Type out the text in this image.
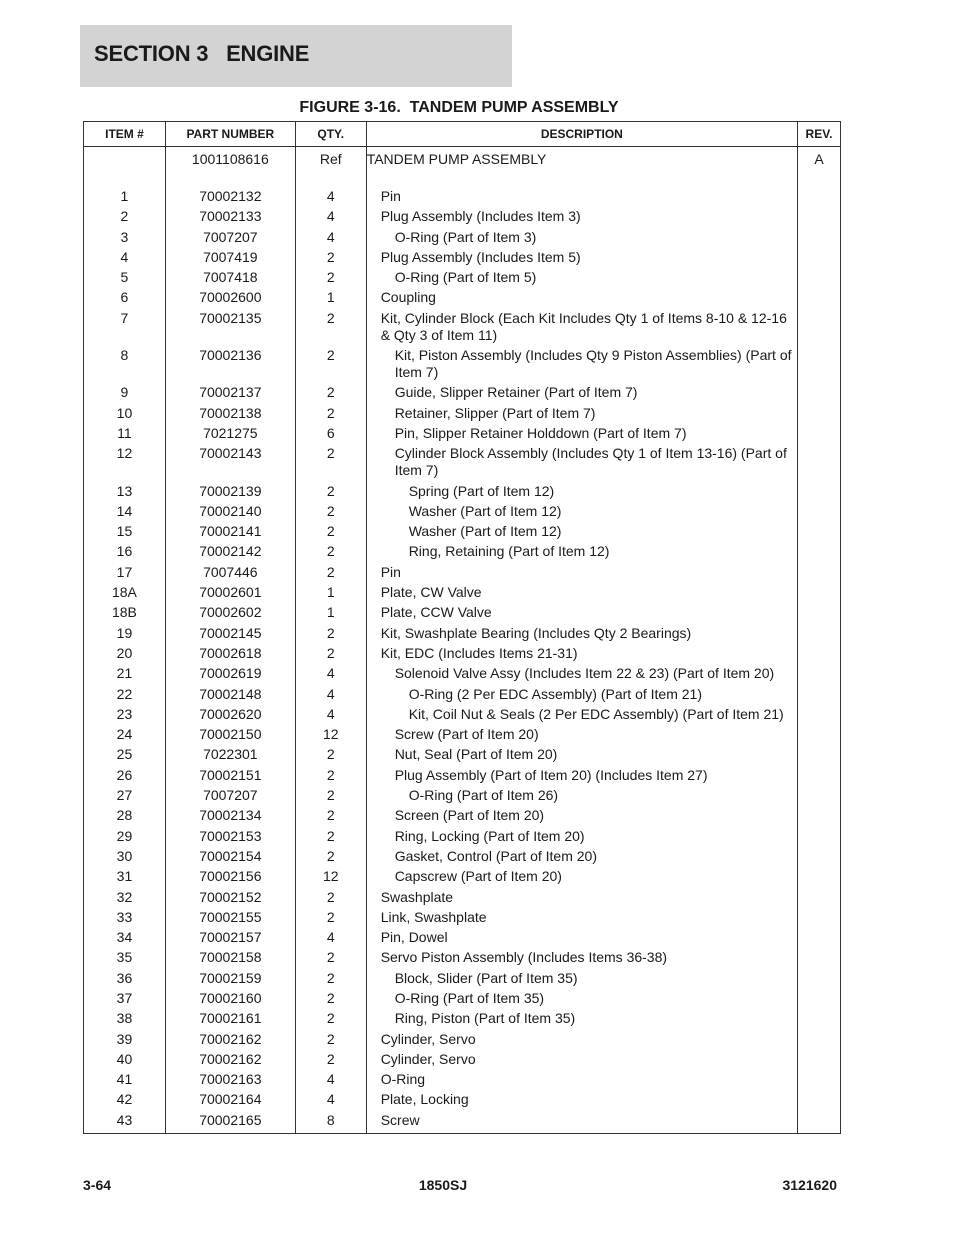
SECTION 3   ENGINE
FIGURE 3-16.  TANDEM PUMP ASSEMBLY
ITEM #	PART NUMBER	QTY.	DESCRIPTION	REV.
	1001108616	Ref	TANDEM PUMP ASSEMBLY	A
1	70002132	4	Pin	

2	70002133	4	Plug Assembly (Includes Item 3)	

3	7007207	4	O-Ring (Part of Item 3)	

4	7007419	2	Plug Assembly (Includes Item 5)	

5	7007418	2	O-Ring (Part of Item 5)	

6	70002600	1	Coupling	

7	70002135	2	Kit, Cylinder Block (Each Kit Includes Qty 1 of Items 8-10 & 12-16 & Qty 3 of Item 11)	

8	70002136	2	Kit, Piston Assembly (Includes Qty 9 Piston Assemblies) (Part of Item 7)	

9	70002137	2	Guide, Slipper Retainer (Part of Item 7)	

10	70002138	2	Retainer, Slipper (Part of Item 7)	

11	7021275	6	Pin, Slipper Retainer Holddown (Part of Item 7)	

12	70002143	2	Cylinder Block Assembly (Includes Qty 1 of Item 13-16) (Part of Item 7)	

13	70002139	2	Spring (Part of Item 12)	

14	70002140	2	Washer (Part of Item 12)	

15	70002141	2	Washer (Part of Item 12)	

16	70002142	2	Ring, Retaining (Part of Item 12)	

17	7007446	2	Pin	

18A	70002601	1	Plate, CW Valve	

18B	70002602	1	Plate, CCW Valve	

19	70002145	2	Kit, Swashplate Bearing (Includes Qty 2 Bearings)	

20	70002618	2	Kit, EDC (Includes Items 21-31)	

21	70002619	4	Solenoid Valve Assy (Includes Item 22 & 23) (Part of Item 20)	

22	70002148	4	O-Ring (2 Per EDC Assembly) (Part of Item 21)	

23	70002620	4	Kit, Coil Nut & Seals (2 Per EDC Assembly) (Part of Item 21)	

24	70002150	12	Screw (Part of Item 20)	

25	7022301	2	Nut, Seal (Part of Item 20)	

26	70002151	2	Plug Assembly (Part of Item 20) (Includes Item 27)	

27	7007207	2	O-Ring (Part of Item 26)	

28	70002134	2	Screen (Part of Item 20)	

29	70002153	2	Ring, Locking (Part of Item 20)	

30	70002154	2	Gasket, Control (Part of Item 20)	

31	70002156	12	Capscrew (Part of Item 20)	

32	70002152	2	Swashplate	

33	70002155	2	Link, Swashplate	

34	70002157	4	Pin, Dowel	

35	70002158	2	Servo Piston Assembly (Includes Items 36-38)	

36	70002159	2	Block, Slider (Part of Item 35)	

37	70002160	2	O-Ring (Part of Item 35)	

38	70002161	2	Ring, Piston (Part of Item 35)	

39	70002162	2	Cylinder, Servo	

40	70002162	2	Cylinder, Servo	

41	70002163	4	O-Ring	

42	70002164	4	Plate, Locking	

43	70002165	8	Screw	

3-64	1850SJ	3121620
